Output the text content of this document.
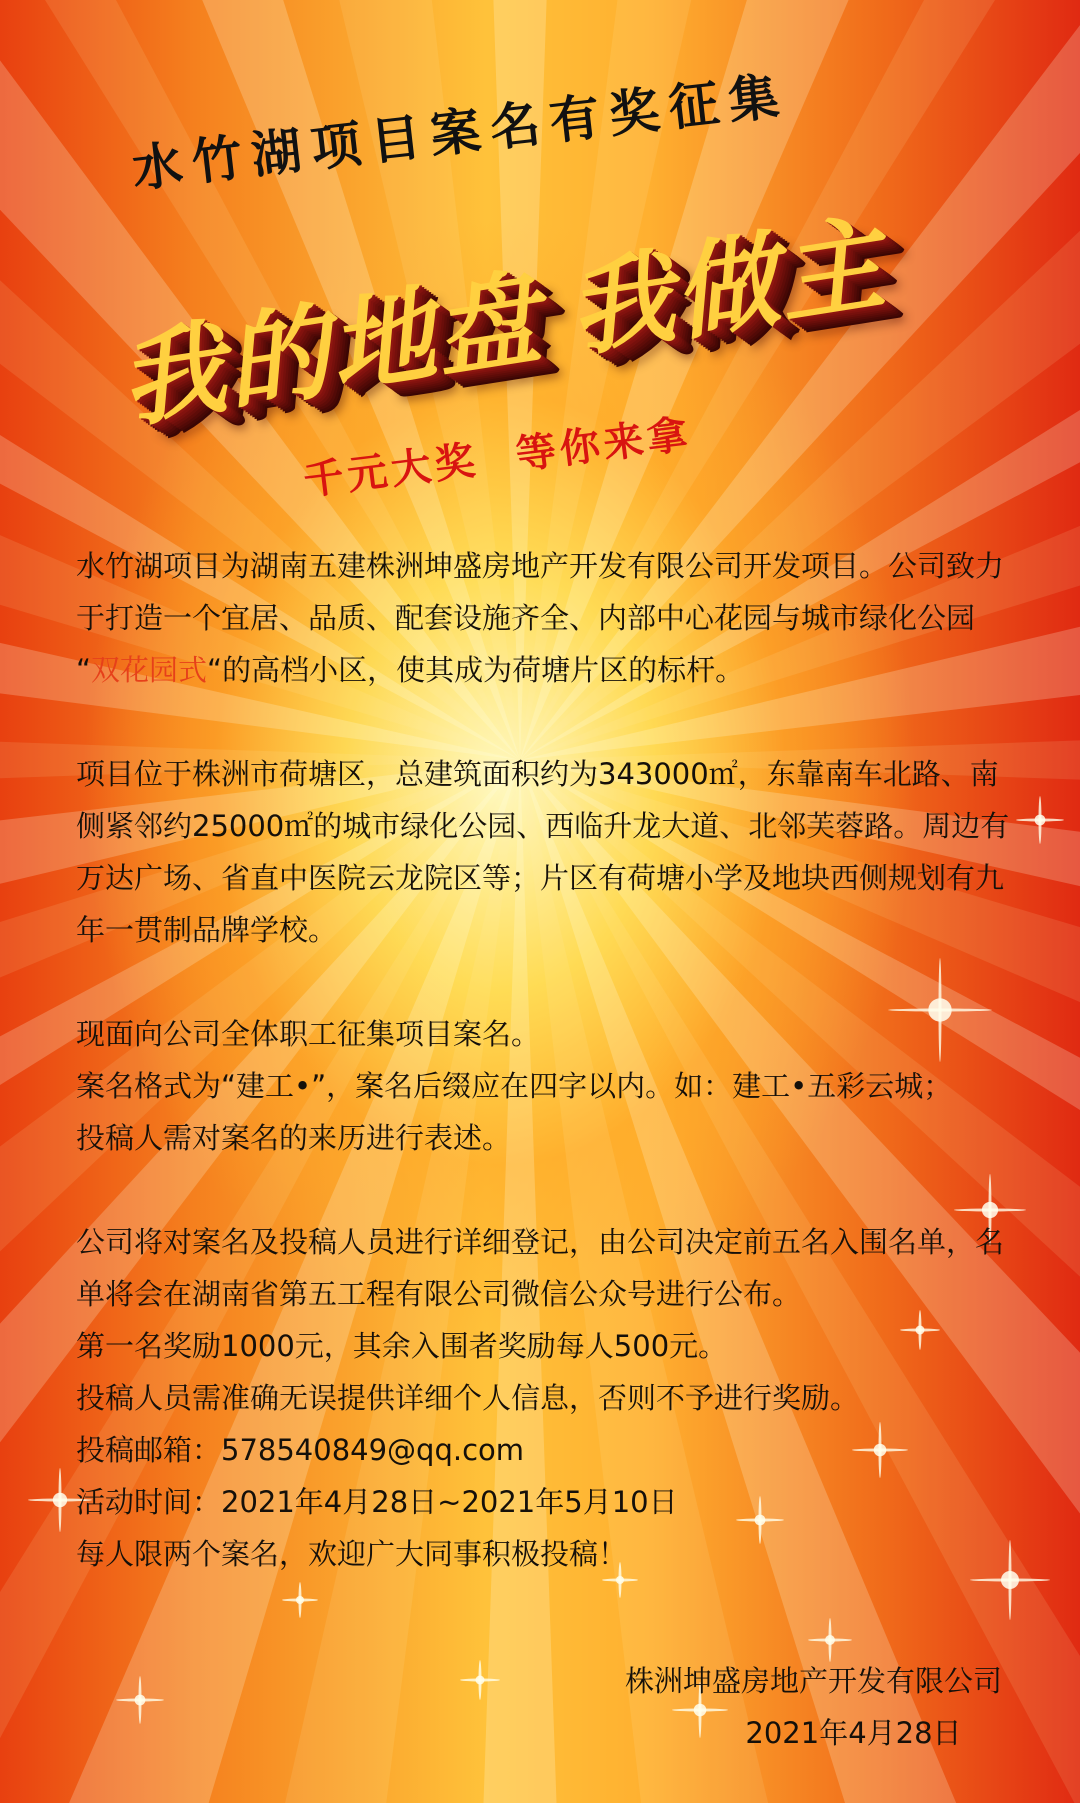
水竹湖项目案名有奖征集
我的地盘 我做主
千元大奖 等你来拿

水竹湖项目为湖南五建株洲坤盛房地产开发有限公司开发项目。公司致力

于打造一个宜居、品质、配套设施齐全、内部中心花园与城市绿化公园

“双花园式“的高档小区，使其成为荷塘片区的标杆。

项目位于株洲市荷塘区，总建筑面积约为343000㎡，东靠南车北路、南

侧紧邻约25000㎡的城市绿化公园、西临升龙大道、北邻芙蓉路。周边有

万达广场、省直中医院云龙院区等；片区有荷塘小学及地块西侧规划有九

年一贯制品牌学校。

现面向公司全体职工征集项目案名。

案名格式为“建工•”，案名后缀应在四字以内。如：建工•五彩云城；

投稿人需对案名的来历进行表述。

公司将对案名及投稿人员进行详细登记，由公司决定前五名入围名单，名

单将会在湖南省第五工程有限公司微信公众号进行公布。

第一名奖励1000元，其余入围者奖励每人500元。

投稿人员需准确无误提供详细个人信息，否则不予进行奖励。

投稿邮箱：578540849@qq.com

活动时间：2021年4月28日~2021年5月10日

每人限两个案名，欢迎广大同事积极投稿！

株洲坤盛房地产开发有限公司
2021年4月28日
